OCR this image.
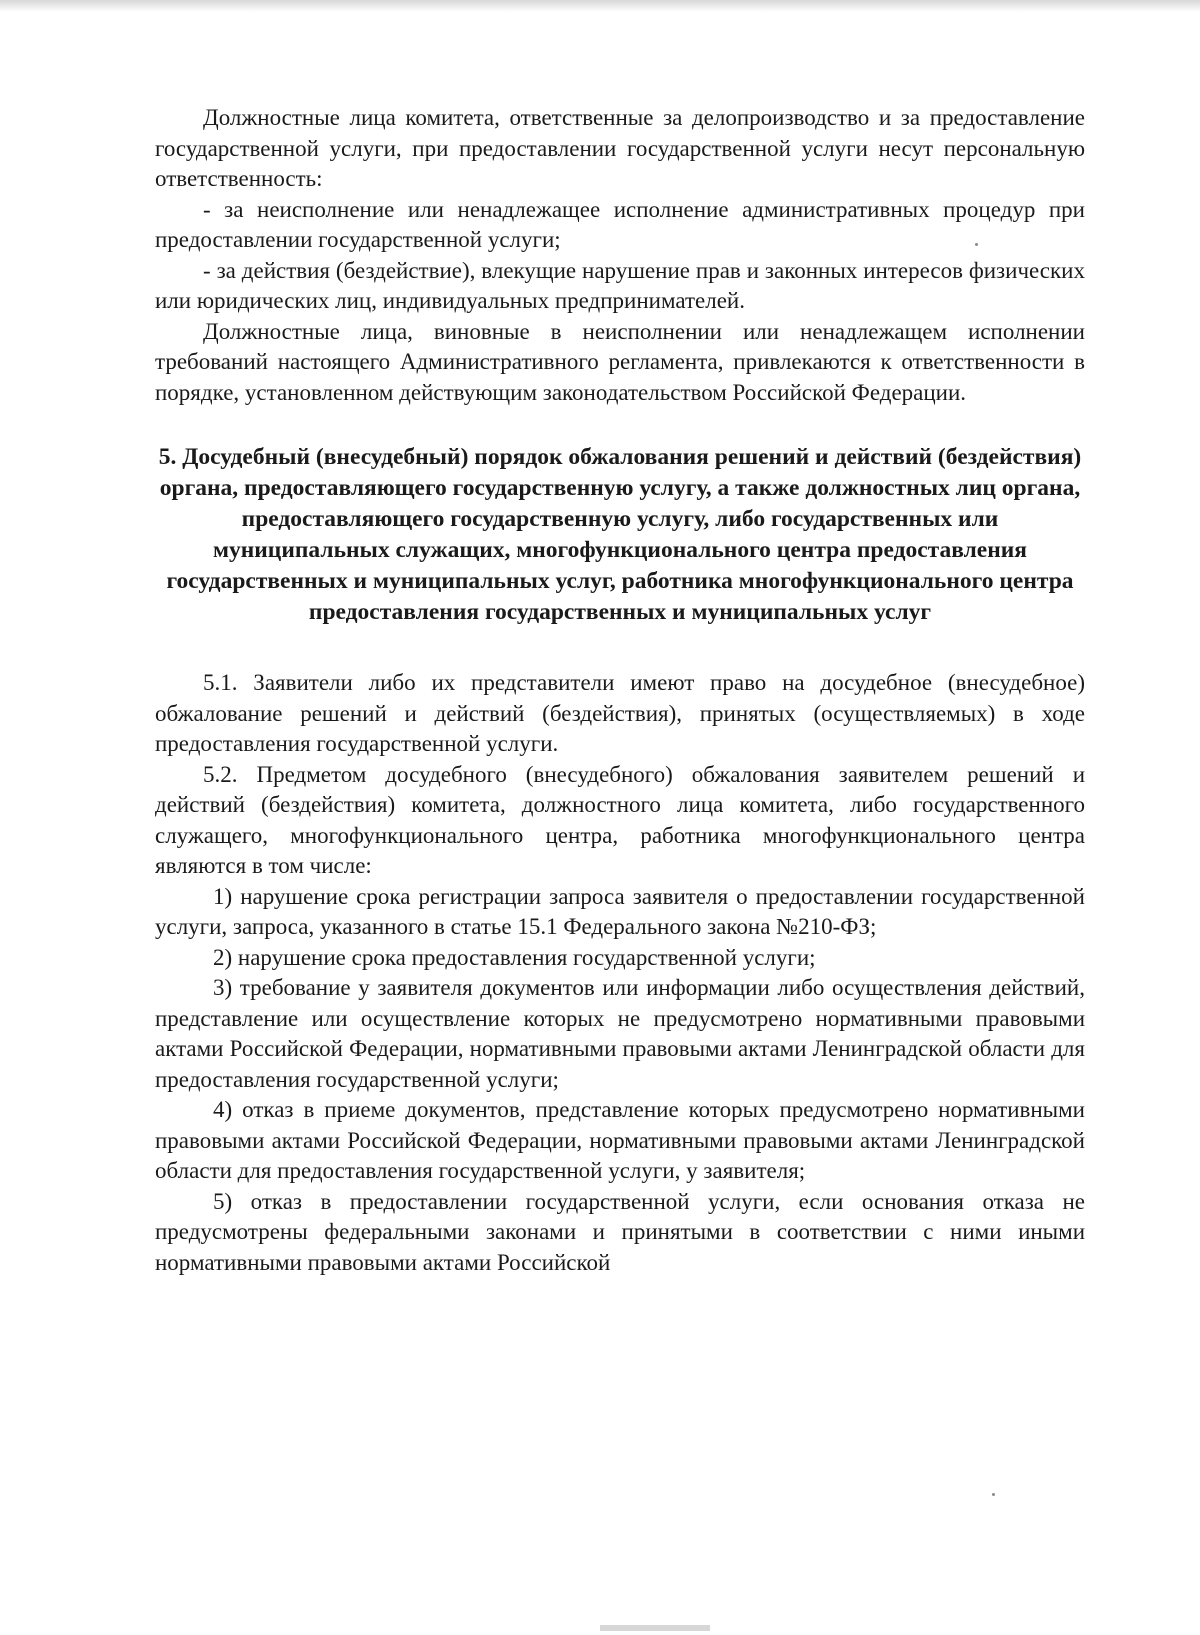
Должностные лица комитета, ответственные за делопроизводство и за предоставление государственной услуги, при предоставлении государственной услуги несут персональную ответственность:

- за неисполнение или ненадлежащее исполнение административных процедур при предоставлении государственной услуги;

- за действия (бездействие), влекущие нарушение прав и законных интересов физических или юридических лиц, индивидуальных предпринимателей.

Должностные лица, виновные в неисполнении или ненадлежащем исполнении требований настоящего Административного регламента, привлекаются к ответственности в порядке, установленном действующим законодательством Российской Федерации.

5. Досудебный (внесудебный) порядок обжалования решений и действий (бездействия) органа, предоставляющего государственную услугу, а также должностных лиц органа, предоставляющего государственную услугу, либо государственных или муниципальных служащих, многофункционального центра предоставления государственных и муниципальных услуг, работника многофункционального центра предоставления государственных и муниципальных услуг

5.1. Заявители либо их представители имеют право на досудебное (внесудебное) обжалование решений и действий (бездействия), принятых (осуществляемых) в ходе предоставления государственной услуги.

5.2. Предметом досудебного (внесудебного) обжалования заявителем решений и действий (бездействия) комитета, должностного лица комитета, либо государственного служащего, многофункционального центра, работника многофункционального центра являются в том числе:

1) нарушение срока регистрации запроса заявителя о предоставлении государственной услуги, запроса, указанного в статье 15.1 Федерального закона №210-ФЗ;

2) нарушение срока предоставления государственной услуги;

3) требование у заявителя документов или информации либо осуществления действий, представление или осуществление которых не предусмотрено нормативными правовыми актами Российской Федерации, нормативными правовыми актами Ленинградской области для предоставления государственной услуги;

4) отказ в приеме документов, представление которых предусмотрено нормативными правовыми актами Российской Федерации, нормативными правовыми актами Ленинградской области для предоставления государственной услуги, у заявителя;

5) отказ в предоставлении государственной услуги, если основания отказа не предусмотрены федеральными законами и принятыми в соответствии с ними иными нормативными правовыми актами Российской
